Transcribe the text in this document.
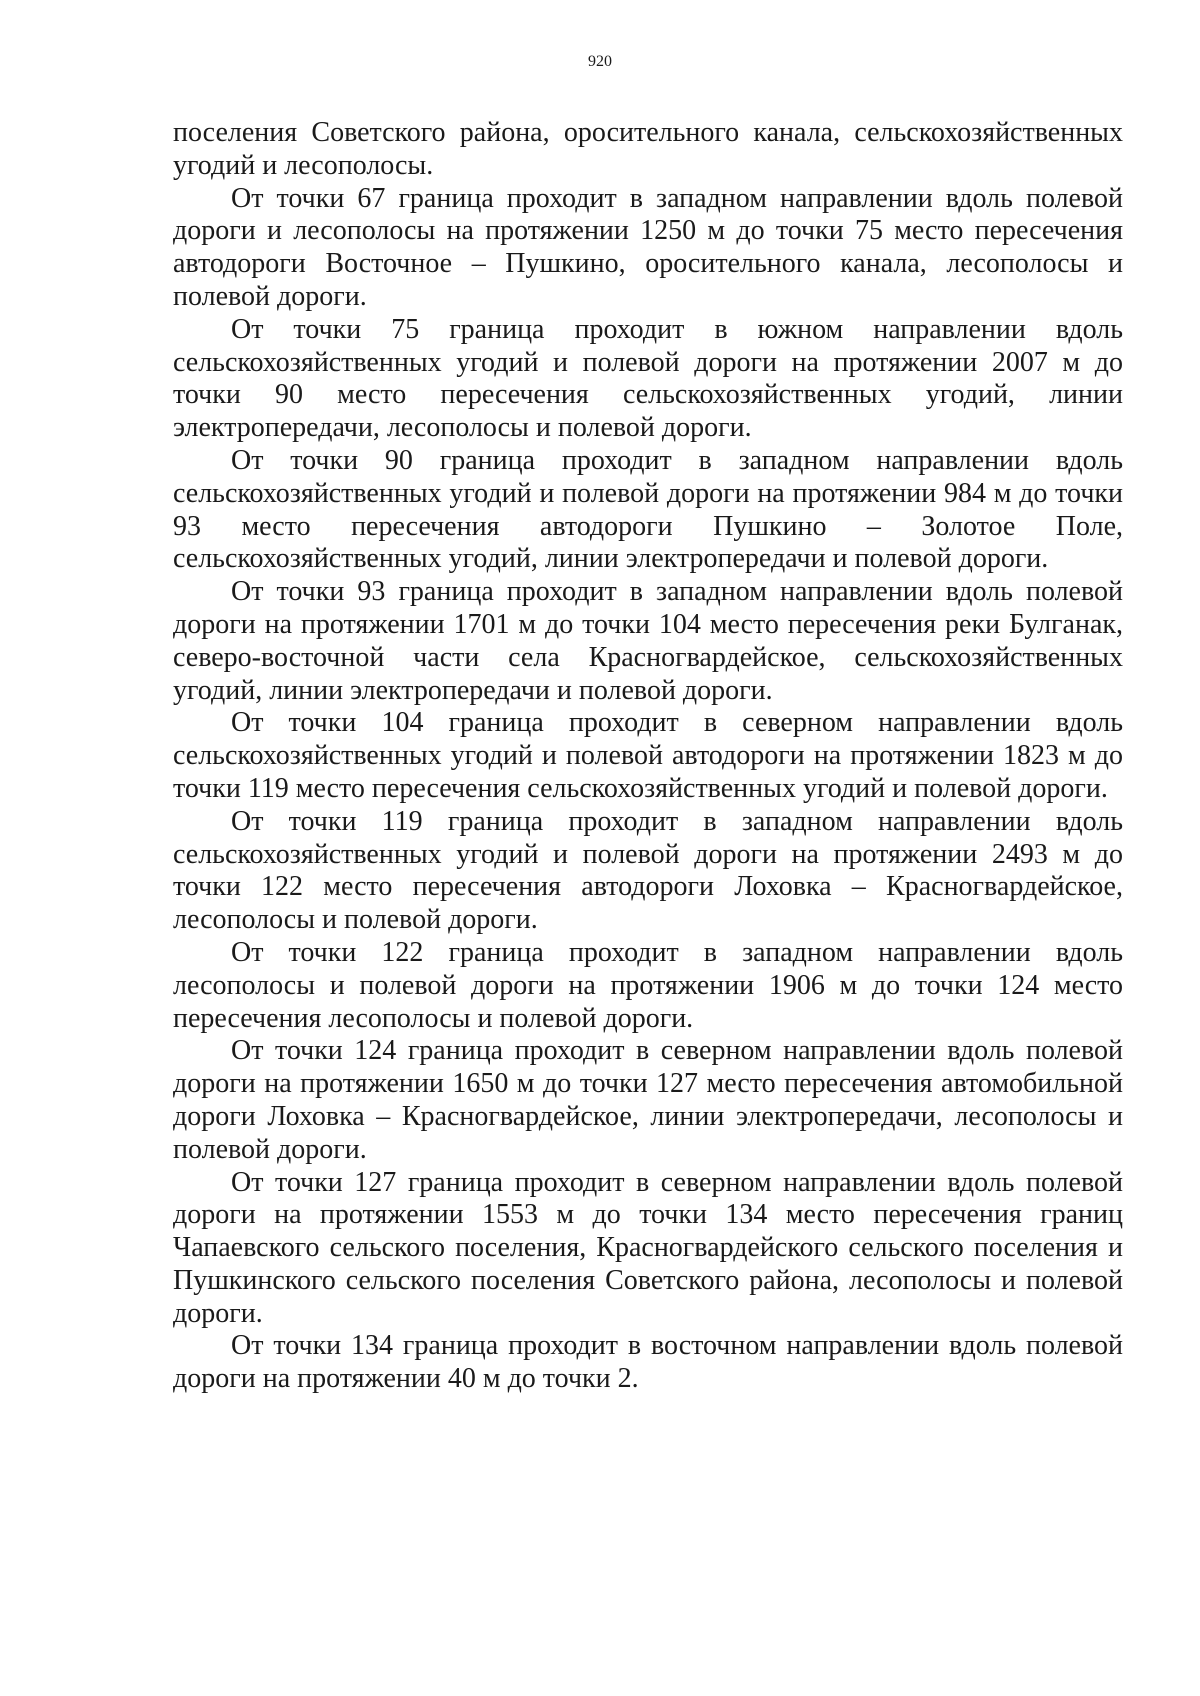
920

поселения Советского района, оросительного канала, сельскохозяйственных угодий и лесополосы.

От точки 67 граница проходит в западном направлении вдоль полевой дороги и лесополосы на протяжении 1250 м до точки 75 место пересечения автодороги Восточное – Пушкино, оросительного канала, лесополосы и полевой дороги.

От точки 75 граница проходит в южном направлении вдоль сельскохозяйственных угодий и полевой дороги на протяжении 2007 м до точки 90 место пересечения сельскохозяйственных угодий, линии электропередачи, лесополосы и полевой дороги.

От точки 90 граница проходит в западном направлении вдоль сельскохозяйственных угодий и полевой дороги на протяжении 984 м до точки 93 место пересечения автодороги Пушкино – Золотое Поле, сельскохозяйственных угодий, линии электропередачи и полевой дороги.

От точки 93 граница проходит в западном направлении вдоль полевой дороги на протяжении 1701 м до точки 104 место пересечения реки Булганак, северо-восточной части села Красногвардейское, сельскохозяйственных угодий, линии электропередачи и полевой дороги.

От точки 104 граница проходит в северном направлении вдоль сельскохозяйственных угодий и полевой автодороги на протяжении 1823 м до точки 119 место пересечения сельскохозяйственных угодий и полевой дороги.

От точки 119 граница проходит в западном направлении вдоль сельскохозяйственных угодий и полевой дороги на протяжении 2493 м до точки 122 место пересечения автодороги Лоховка – Красногвардейское, лесополосы и полевой дороги.

От точки 122 граница проходит в западном направлении вдоль лесополосы и полевой дороги на протяжении 1906 м до точки 124 место пересечения лесополосы и полевой дороги.

От точки 124 граница проходит в северном направлении вдоль полевой дороги на протяжении 1650 м до точки 127 место пересечения автомобильной дороги Лоховка – Красногвардейское, линии электропередачи, лесополосы и полевой дороги.

От точки 127 граница проходит в северном направлении вдоль полевой дороги на протяжении 1553 м до точки 134 место пересечения границ Чапаевского сельского поселения, Красногвардейского сельского поселения и Пушкинского сельского поселения Советского района, лесополосы и полевой дороги.

От точки 134 граница проходит в восточном направлении вдоль полевой дороги на протяжении 40 м до точки 2.
